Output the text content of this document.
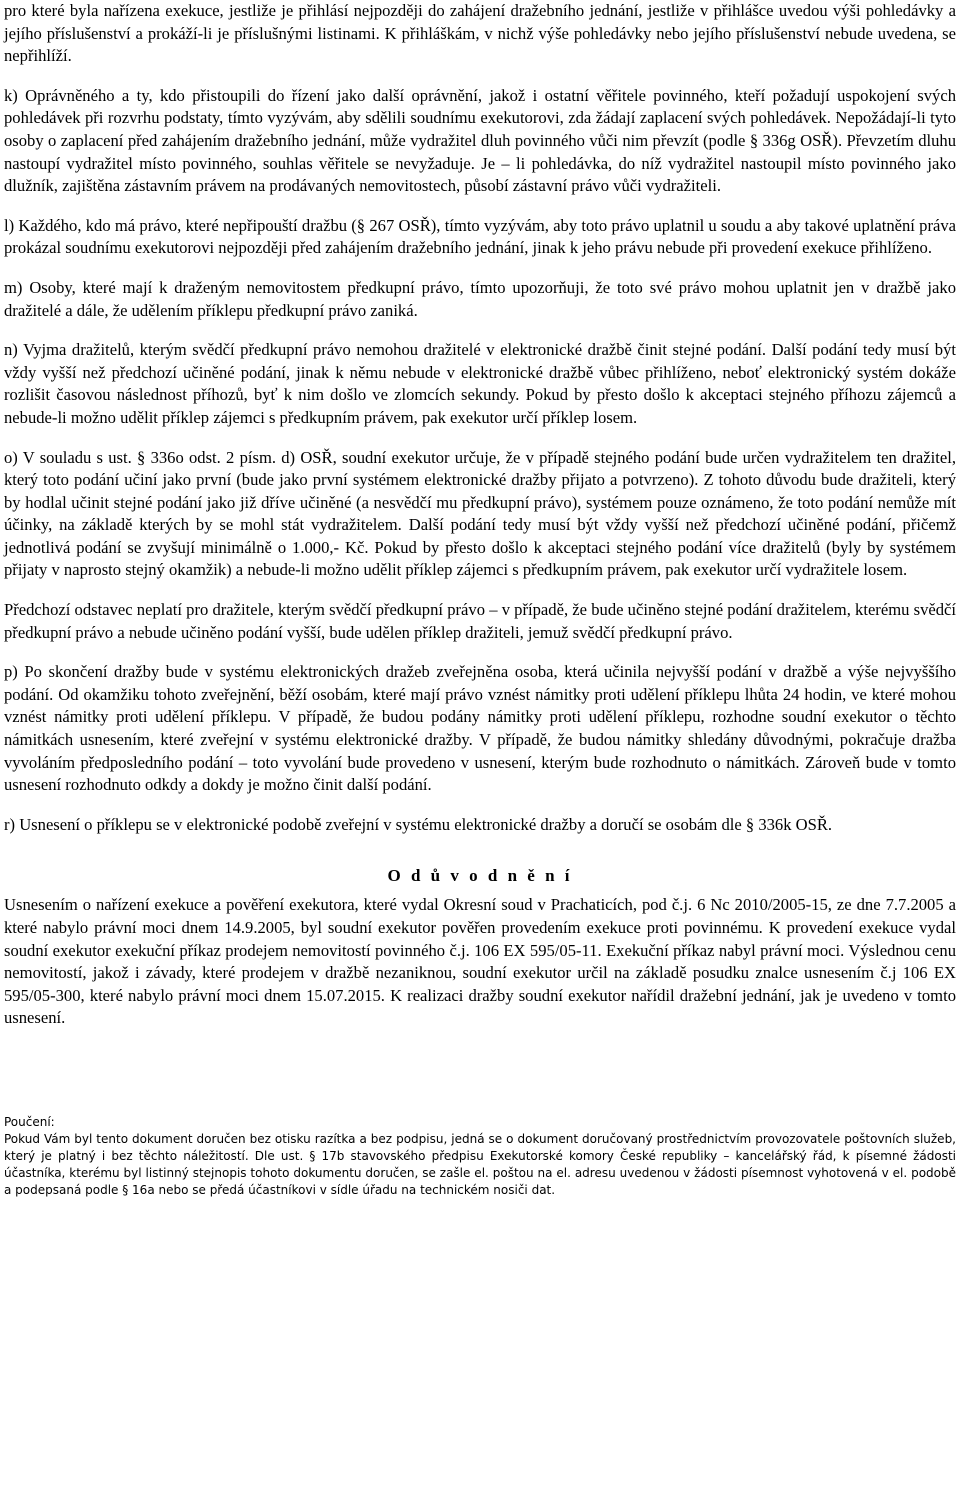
pro které byla nařízena exekuce, jestliže je přihlásí nejpozději do zahájení dražebního jednání, jestliže v přihlášce uvedou výši pohledávky a jejího příslušenství a prokáží-li je příslušnými listinami. K přihláškám, v nichž výše pohledávky nebo jejího příslušenství nebude uvedena, se nepřihlíží.

k) Oprávněného a ty, kdo přistoupili do řízení jako další oprávnění, jakož i ostatní věřitele povinného, kteří požadují uspokojení svých pohledávek při rozvrhu podstaty, tímto vyzývám, aby sdělili soudnímu exekutorovi, zda žádají zaplacení svých pohledávek. Nepožádají-li tyto osoby o zaplacení před zahájením dražebního jednání, může vydražitel dluh povinného vůči nim převzít (podle § 336g OSŘ). Převzetím dluhu nastoupí vydražitel místo povinného, souhlas věřitele se nevyžaduje. Je – li pohledávka, do níž vydražitel nastoupil místo povinného jako dlužník, zajištěna zástavním právem na prodávaných nemovitostech, působí zástavní právo vůči vydražiteli.

l) Každého, kdo má právo, které nepřipouští dražbu (§ 267 OSŘ), tímto vyzývám, aby toto právo uplatnil u soudu a aby takové uplatnění práva prokázal soudnímu exekutorovi nejpozději před zahájením dražebního jednání, jinak k jeho právu nebude při provedení exekuce přihlíženo.

m) Osoby, které mají k draženým nemovitostem předkupní právo, tímto upozorňuji, že toto své právo mohou uplatnit jen v dražbě jako dražitelé a dále, že udělením příklepu předkupní právo zaniká.

n) Vyjma dražitelů, kterým svědčí předkupní právo nemohou dražitelé v elektronické dražbě činit stejné podání. Další podání tedy musí být vždy vyšší než předchozí učiněné podání, jinak k němu nebude v elektronické dražbě vůbec přihlíženo, neboť elektronický systém dokáže rozlišit časovou následnost příhozů, byť k nim došlo ve zlomcích sekundy. Pokud by přesto došlo k akceptaci stejného příhozu zájemců a nebude-li možno udělit příklep zájemci s předkupním právem, pak exekutor určí příklep losem.

o) V souladu s ust. § 336o odst. 2 písm. d) OSŘ, soudní exekutor určuje, že v případě stejného podání bude určen vydražitelem ten dražitel, který toto podání učiní jako první (bude jako první systémem elektronické dražby přijato a potvrzeno). Z tohoto důvodu bude dražiteli, který by hodlal učinit stejné podání jako již dříve učiněné (a nesvědčí mu předkupní právo), systémem pouze oznámeno, že toto podání nemůže mít účinky, na základě kterých by se mohl stát vydražitelem. Další podání tedy musí být vždy vyšší než předchozí učiněné podání, přičemž jednotlivá podání se zvyšují minimálně o 1.000,- Kč. Pokud by přesto došlo k akceptaci stejného podání více dražitelů (byly by systémem přijaty v naprosto stejný okamžik) a nebude-li možno udělit příklep zájemci s předkupním právem, pak exekutor určí vydražitele losem.

Předchozí odstavec neplatí pro dražitele, kterým svědčí předkupní právo – v případě, že bude učiněno stejné podání dražitelem, kterému svědčí předkupní právo a nebude učiněno podání vyšší, bude udělen příklep dražiteli, jemuž svědčí předkupní právo.

p) Po skončení dražby bude v systému elektronických dražeb zveřejněna osoba, která učinila nejvyšší podání v dražbě a výše nejvyššího podání. Od okamžiku tohoto zveřejnění, běží osobám, které mají právo vznést námitky proti udělení příklepu lhůta 24 hodin, ve které mohou vznést námitky proti udělení příklepu. V případě, že budou podány námitky proti udělení příklepu, rozhodne soudní exekutor o těchto námitkách usnesením, které zveřejní v systému elektronické dražby. V případě, že budou námitky shledány důvodnými, pokračuje dražba vyvoláním předposledního podání – toto vyvolání bude provedeno v usnesení, kterým bude rozhodnuto o námitkách. Zároveň bude v tomto usnesení rozhodnuto odkdy a dokdy je možno činit další podání.

r) Usnesení o příklepu se v elektronické podobě zveřejní v systému elektronické dražby a doručí se osobám dle § 336k OSŘ.

O d ů v o d n ě n í

Usnesením o nařízení exekuce a pověření exekutora, které vydal Okresní soud v Prachaticích, pod č.j. 6 Nc 2010/2005-15, ze dne 7.7.2005 a které nabylo právní moci dnem 14.9.2005, byl soudní exekutor pověřen provedením exekuce proti povinnému. K provedení exekuce vydal soudní exekutor exekuční příkaz prodejem nemovitostí povinného č.j. 106 EX 595/05-11. Exekuční příkaz nabyl právní moci. Výslednou cenu nemovitostí, jakož i závady, které prodejem v dražbě nezaniknou, soudní exekutor určil na základě posudku znalce usnesením č.j 106 EX 595/05-300, které nabylo právní moci dnem 15.07.2015. K realizaci dražby soudní exekutor nařídil dražební jednání, jak je uvedeno v tomto usnesení.

Poučení:

Pokud Vám byl tento dokument doručen bez otisku razítka a bez podpisu, jedná se o dokument doručovaný prostřednictvím provozovatele poštovních služeb, který je platný i bez těchto náležitostí. Dle ust. § 17b stavovského předpisu Exekutorské komory České republiky – kancelářský řád, k písemné žádosti účastníka, kterému byl listinný stejnopis tohoto dokumentu doručen, se zašle el. poštou na el. adresu uvedenou v žádosti písemnost vyhotovená v el. podobě a podepsaná podle § 16a nebo se předá účastníkovi v sídle úřadu na technickém nosiči dat.
